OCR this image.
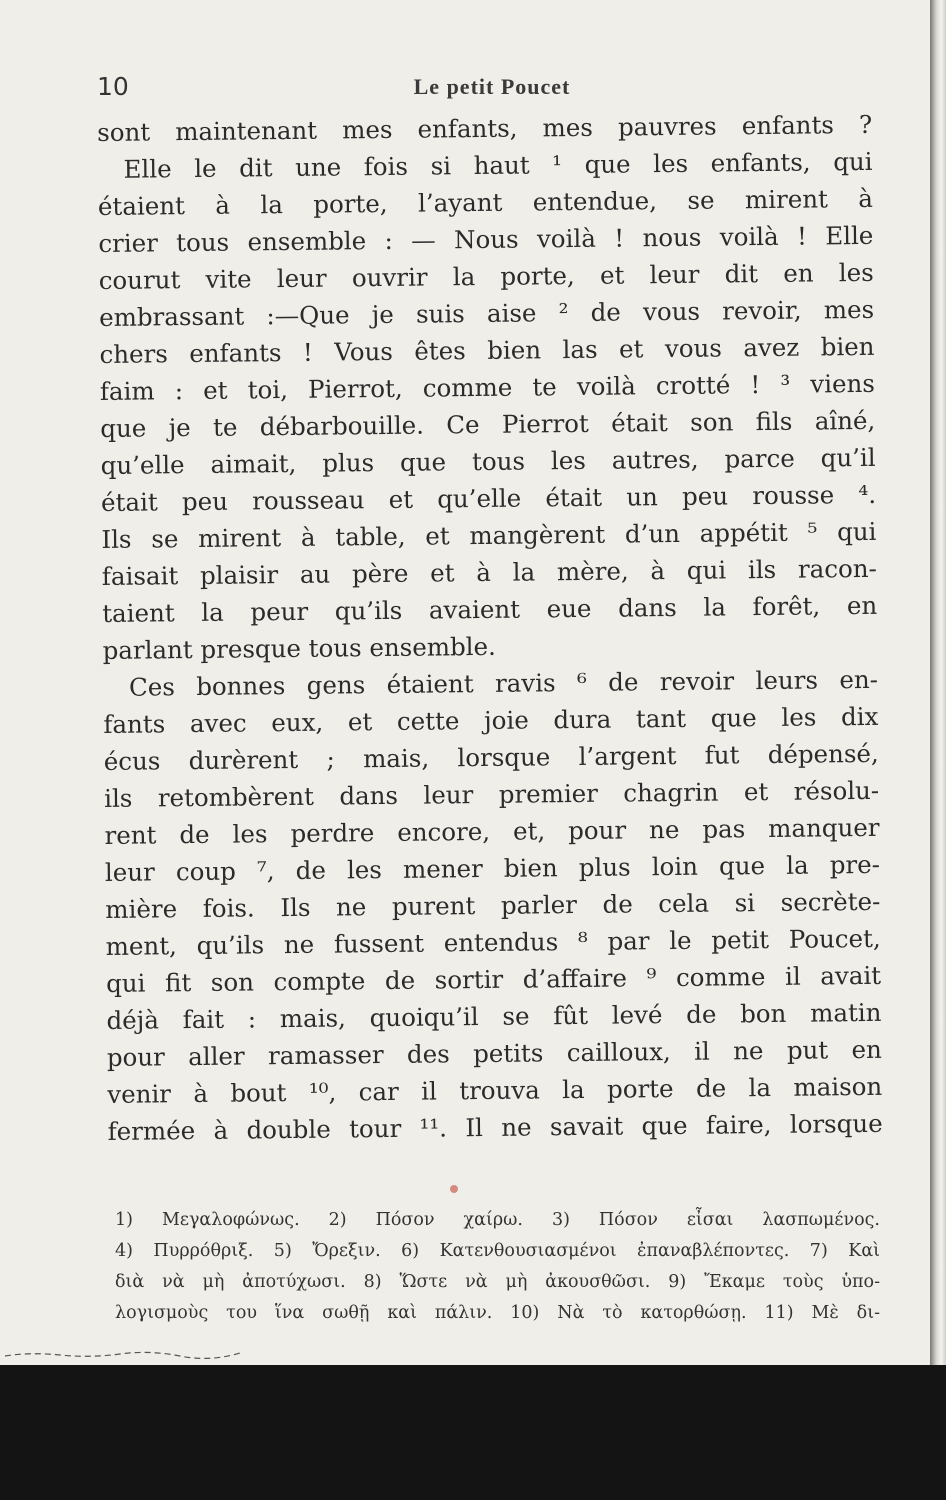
10	Le petit Poucet
sont maintenant mes enfants, mes pauvres enfants ?
Elle le dit une fois si haut ¹ que les enfants, qui
étaient à la porte, l’ayant entendue, se mirent à
crier tous ensemble : — Nous voilà ! nous voilà ! Elle
courut vite leur ouvrir la porte, et leur dit en les
embrassant :—Que je suis aise ² de vous revoir, mes
chers enfants ! Vous êtes bien las et vous avez bien
faim : et toi, Pierrot, comme te voilà crotté ! ³ viens
que je te débarbouille. Ce Pierrot était son fils aîné,
qu’elle aimait, plus que tous les autres, parce qu’il
était peu rousseau et qu’elle était un peu rousse ⁴.
Ils se mirent à table, et mangèrent d’un appétit ⁵ qui
faisait plaisir au père et à la mère, à qui ils racon-
taient la peur qu’ils avaient eue dans la forêt, en
parlant presque tous ensemble.
Ces bonnes gens étaient ravis ⁶ de revoir leurs en-
fants avec eux, et cette joie dura tant que les dix
écus durèrent ; mais, lorsque l’argent fut dépensé,
ils retombèrent dans leur premier chagrin et résolu-
rent de les perdre encore, et, pour ne pas manquer
leur coup ⁷, de les mener bien plus loin que la pre-
mière fois. Ils ne purent parler de cela si secrète-
ment, qu’ils ne fussent entendus ⁸ par le petit Poucet,
qui fit son compte de sortir d’affaire ⁹ comme il avait
déjà fait : mais, quoiqu’il se fût levé de bon matin
pour aller ramasser des petits cailloux, il ne put en
venir à bout ¹⁰, car il trouva la porte de la maison
fermée à double tour ¹¹. Il ne savait que faire, lorsque
1) Μεγαλοφώνως. 2) Πόσον χαίρω. 3) Πόσον εἶσαι λασπωμένος.
4) Πυρρόθριξ. 5) Ὄρεξιν. 6) Κατενθουσιασμένοι ἐπαναβλέποντες. 7) Καὶ
διὰ νὰ μὴ ἀποτύχωσι. 8) Ὥστε νὰ μὴ ἀκουσθῶσι. 9) Ἔκαμε τοὺς ὑπο-
λογισμοὺς του ἵνα σωθῇ καὶ πάλιν. 10) Νὰ τὸ κατορθώσῃ. 11) Μὲ δι-
